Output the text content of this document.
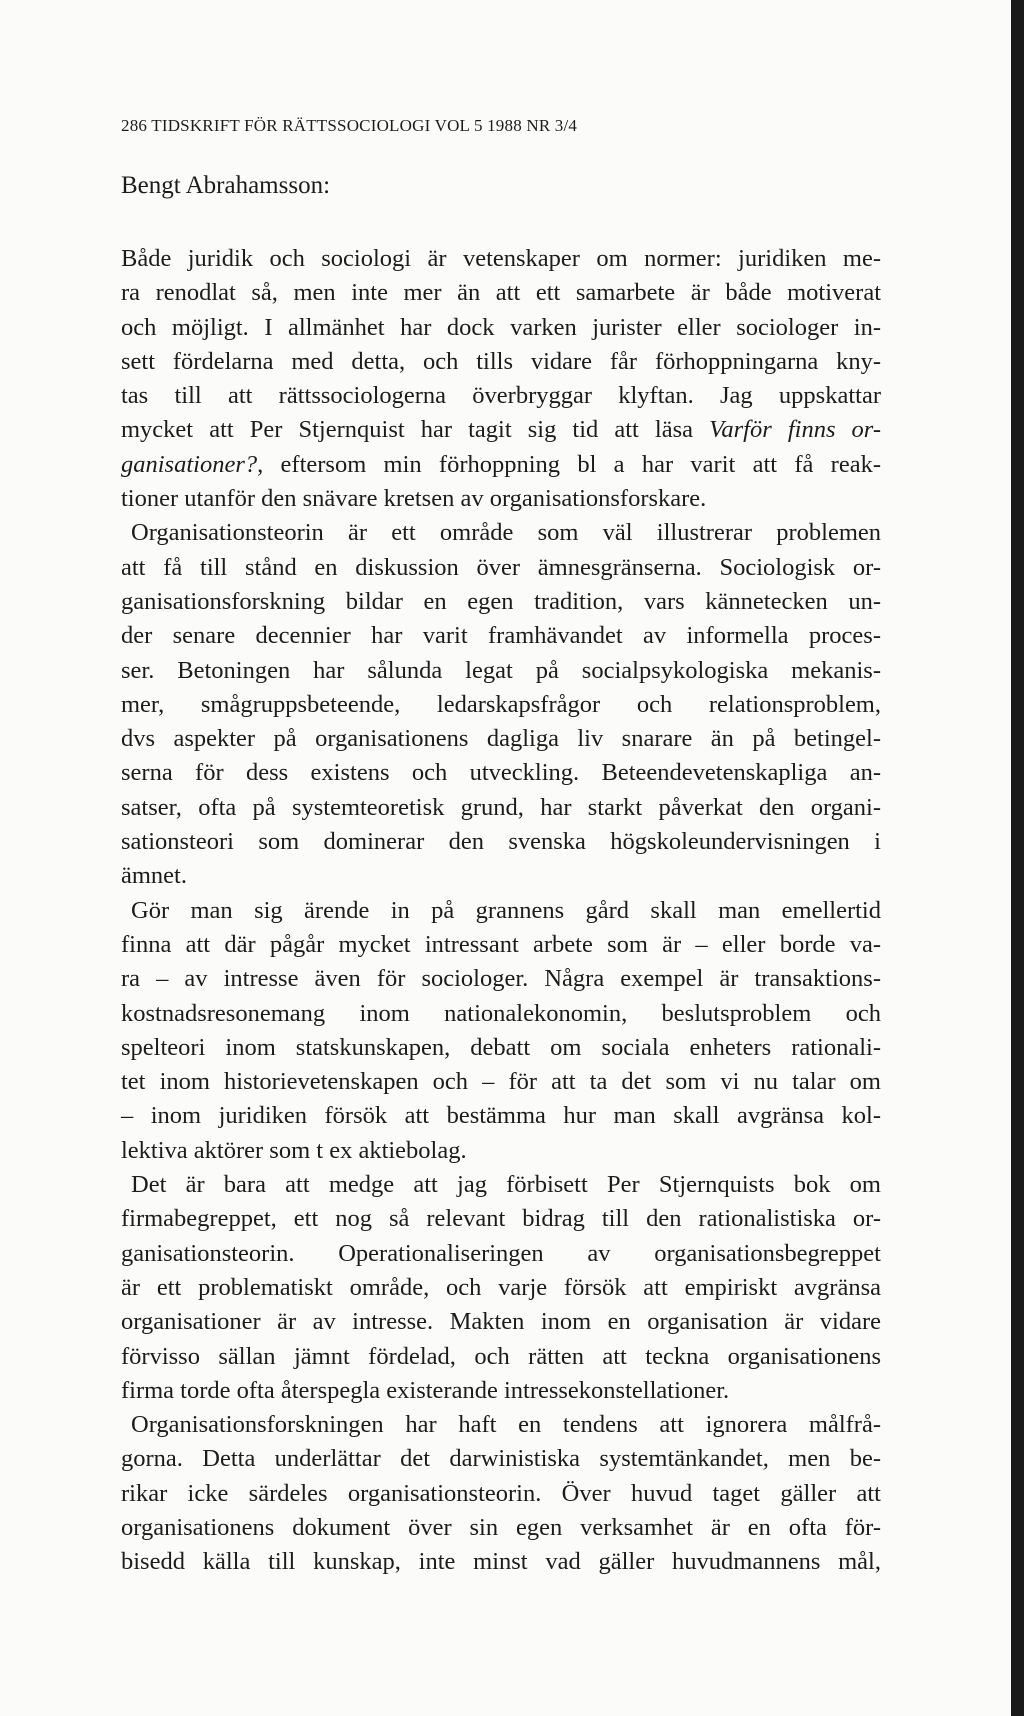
286 TIDSKRIFT FÖR RÄTTSSOCIOLOGI VOL 5 1988 NR 3/4
Bengt Abrahamsson:
Både juridik och sociologi är vetenskaper om normer: juridiken me-
ra renodlat så, men inte mer än att ett samarbete är både motiverat
och möjligt. I allmänhet har dock varken jurister eller sociologer in-
sett fördelarna med detta, och tills vidare får förhoppningarna kny-
tas till att rättssociologerna överbryggar klyftan. Jag uppskattar
mycket att Per Stjernquist har tagit sig tid att läsa Varför finns or-
ganisationer?, eftersom min förhoppning bl a har varit att få reak-
tioner utanför den snävare kretsen av organisationsforskare.
Organisationsteorin är ett område som väl illustrerar problemen
att få till stånd en diskussion över ämnesgränserna. Sociologisk or-
ganisationsforskning bildar en egen tradition, vars kännetecken un-
der senare decennier har varit framhävandet av informella proces-
ser. Betoningen har sålunda legat på socialpsykologiska mekanis-
mer, smågruppsbeteende, ledarskapsfrågor och relationsproblem,
dvs aspekter på organisationens dagliga liv snarare än på betingel-
serna för dess existens och utveckling. Beteendevetenskapliga an-
satser, ofta på systemteoretisk grund, har starkt påverkat den organi-
sationsteori som dominerar den svenska högskoleundervisningen i
ämnet.
Gör man sig ärende in på grannens gård skall man emellertid
finna att där pågår mycket intressant arbete som är – eller borde va-
ra – av intresse även för sociologer. Några exempel är transaktions-
kostnadsresonemang inom nationalekonomin, beslutsproblem och
spelteori inom statskunskapen, debatt om sociala enheters rationali-
tet inom historievetenskapen och – för att ta det som vi nu talar om
– inom juridiken försök att bestämma hur man skall avgränsa kol-
lektiva aktörer som t ex aktiebolag.
Det är bara att medge att jag förbisett Per Stjernquists bok om
firmabegreppet, ett nog så relevant bidrag till den rationalistiska or-
ganisationsteorin. Operationaliseringen av organisationsbegreppet
är ett problematiskt område, och varje försök att empiriskt avgränsa
organisationer är av intresse. Makten inom en organisation är vidare
förvisso sällan jämnt fördelad, och rätten att teckna organisationens
firma torde ofta återspegla existerande intressekonstellationer.
Organisationsforskningen har haft en tendens att ignorera målfrå-
gorna. Detta underlättar det darwinistiska systemtänkandet, men be-
rikar icke särdeles organisationsteorin. Över huvud taget gäller att
organisationens dokument över sin egen verksamhet är en ofta för-
bisedd källa till kunskap, inte minst vad gäller huvudmannens mål,
